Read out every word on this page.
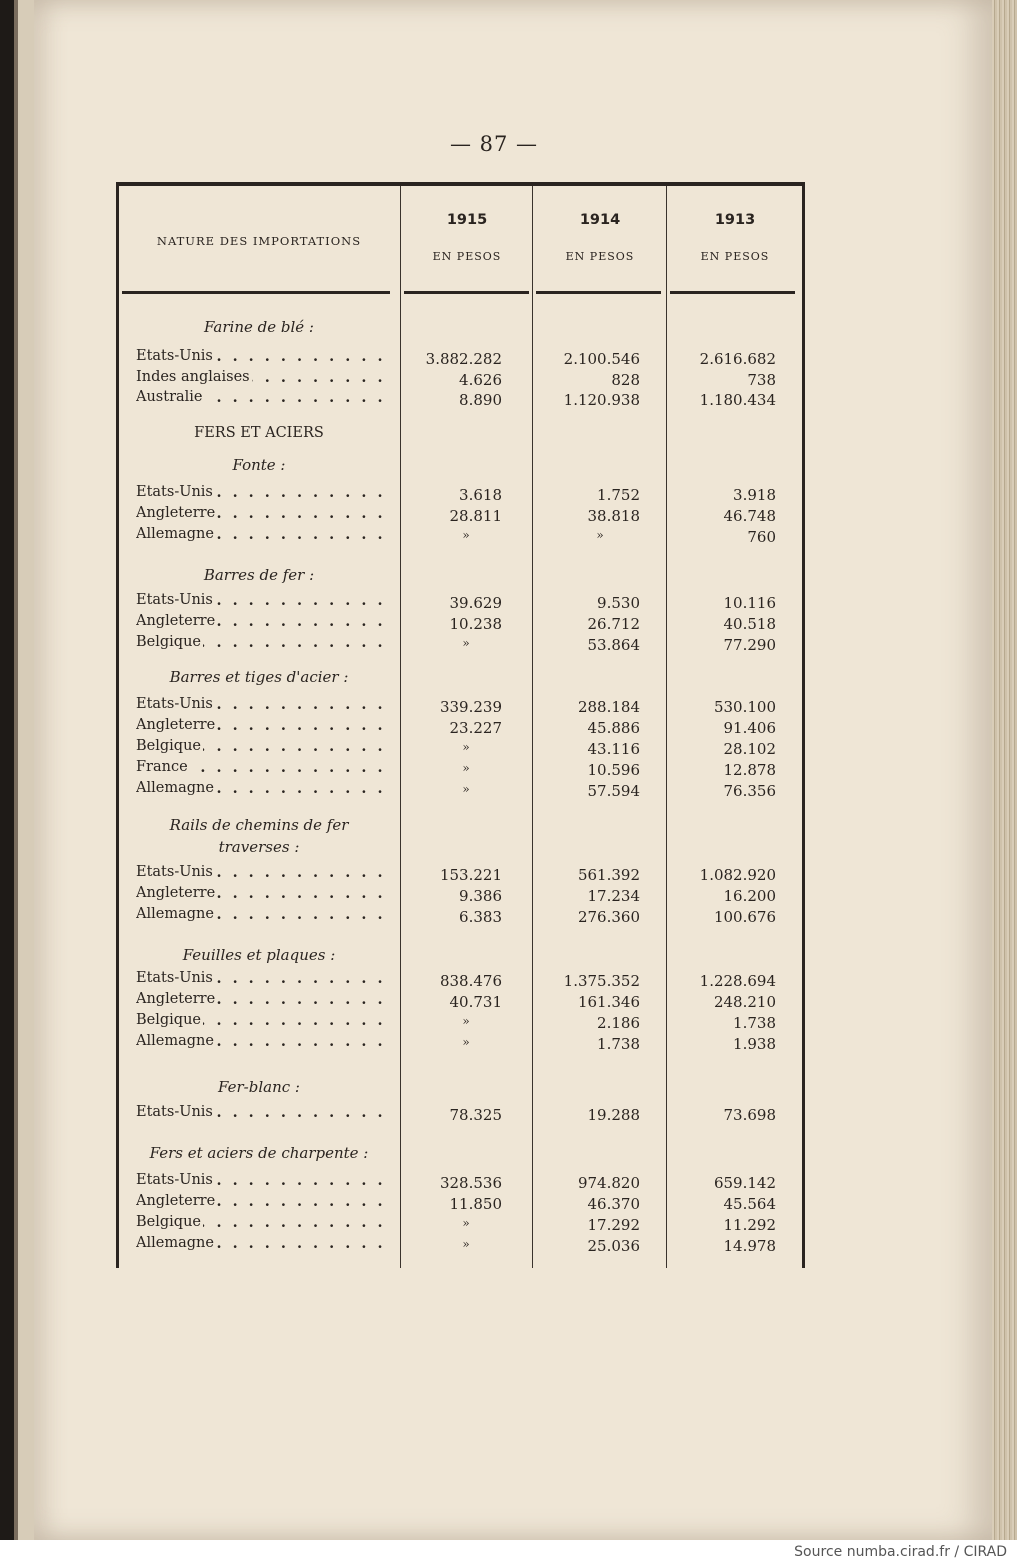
— 87 —
NATURE DES IMPORTATIONS
1915	1914	1913
EN PESOS	EN PESOS	EN PESOS
Farine de blé :
Etats-Unis . . .	3.882.282	2.100.546	2.616.682
Indes anglaises . . .	4.626	828	738
Australie . . .	8.890	1.120.938	1.180.434
FERS ET ACIERS
Fonte :
Etats-Unis . . .	3.618	1.752	3.918
Angleterre . . .	28.811	38.818	46.748
Allemagne . . .	»	»	760
Barres de fer :
Etats-Unis . . .	39.629	9.530	10.116
Angleterre . . .	10.238	26.712	40.518
Belgique . . .	»	53.864	77.290
Barres et tiges d'acier :
Etats-Unis . . .	339.239	288.184	530.100
Angleterre . . .	23.227	45.886	91.406
Belgique . . .	»	43.116	28.102
France . . .	»	10.596	12.878
Allemagne . . .	»	57.594	76.356
Rails de chemins de fer traverses :
Etats-Unis . . .	153.221	561.392	1.082.920
Angleterre . . .	9.386	17.234	16.200
Allemagne . . .	6.383	276.360	100.676
Feuilles et plaques :
Etats-Unis . . .	838.476	1.375.352	1.228.694
Angleterre . . .	40.731	161.346	248.210
Belgique . . .	»	2.186	1.738
Allemagne . . .	»	1.738	1.938
Fer-blanc :
Etats-Unis . . .	78.325	19.288	73.698
Fers et aciers de charpente :
Etats-Unis . . .	328.536	974.820	659.142
Angleterre . . .	11.850	46.370	45.564
Belgique . . .	»	17.292	11.292
Allemagne . . .	»	25.036	14.978
Source numba.cirad.fr / CIRAD
